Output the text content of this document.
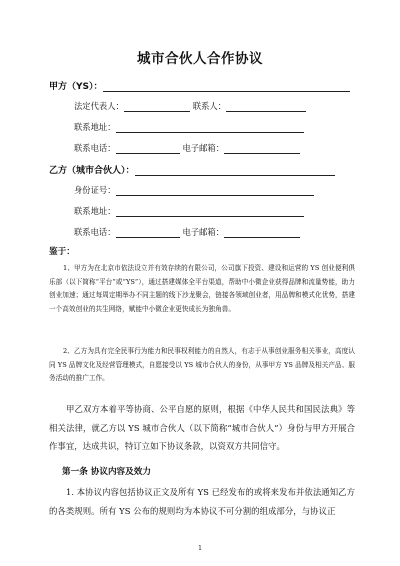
城市合伙人合作协议
甲方（YS）：
法定代表人：	联系人：
联系地址：
联系电话：	电子邮箱：
乙方（城市合伙人）：
身份证号：
联系地址：
联系电话：	电子邮箱：
鉴于：
1、甲方为在北京市依法设立并有效存续的有限公司，公司旗下投资、建设和运营的 YS 创业便利俱乐部（以下简称“平台”或“YS”），通过搭建媒体全平台渠道，帮助中小微企业获得品牌和流量势能，助力创业加速；通过每周定期举办不同主题的线下沙龙聚会，链接各领域创业者，用品牌和模式化优势，搭建一个高效创业的共生网络，赋能中小微企业更快成长为独角兽。
2、乙方为具有完全民事行为能力和民事权利能力的自然人，有志于从事创业服务相关事业，高度认同 YS 品牌文化及经营管理模式，自愿接受以 YS 城市合伙人的身份，从事甲方 YS 品牌及相关产品、服务活动的推广工作。
甲乙双方本着平等协商、公平自愿的原则，根据《中华人民共和国民法典》等相关法律，就乙方以 YS 城市合伙人（以下简称“城市合伙人”）身份与甲方开展合作事宜，达成共识，特订立如下协议条款，以资双方共同信守。
第一条 协议内容及效力
1. 本协议内容包括协议正文及所有 YS 已经发布的或将来发布并依法通知乙方的各类规则。所有 YS 公布的规则均为本协议不可分割的组成部分，与协议正
1
